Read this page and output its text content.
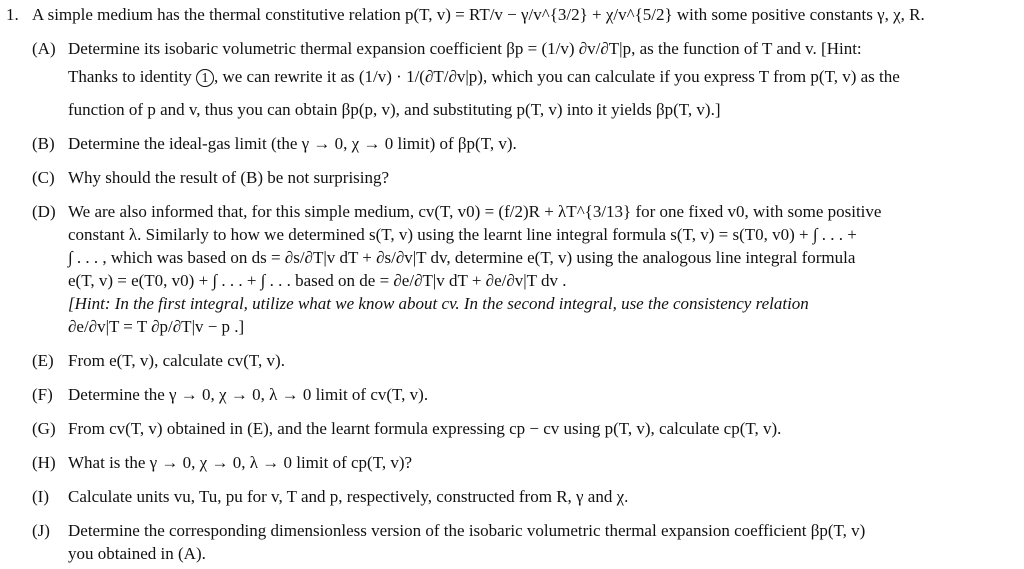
1. A simple medium has the thermal constitutive relation p(T, v) = RT/v − γ/v^{3/2} + χ/v^{5/2} with some positive constants γ, χ, R.
(A) Determine its isobaric volumetric thermal expansion coefficient βp = (1/v) ∂v/∂T|p, as the function of T and v. [Hint:
Thanks to identity 1 , we can rewrite it as (1/v) · 1/(∂T/∂v|p), which you can calculate if you express T from p(T, v) as the
function of p and v, thus you can obtain βp(p, v), and substituting p(T, v) into it yields βp(T, v).]
(B) Determine the ideal-gas limit (the γ → 0, χ → 0 limit) of βp(T, v).
(C) Why should the result of (B) be not surprising?
(D) We are also informed that, for this simple medium, cv(T, v0) = (f/2)R + λT^{3/13} for one fixed v0, with some positive
constant λ. Similarly to how we determined s(T, v) using the learnt line integral formula s(T, v) = s(T0, v0) + ∫ . . . +
∫ . . . , which was based on ds = ∂s/∂T|v dT + ∂s/∂v|T dv, determine e(T, v) using the analogous line integral formula
e(T, v) = e(T0, v0) + ∫ . . . + ∫ . . . based on de = ∂e/∂T|v dT + ∂e/∂v|T dv .
[Hint: In the first integral, utilize what we know about cv. In the second integral, use the consistency relation
∂e/∂v|T = T ∂p/∂T|v − p .]
(E) From e(T, v), calculate cv(T, v).
(F) Determine the γ → 0, χ → 0, λ → 0 limit of cv(T, v).
(G) From cv(T, v) obtained in (E), and the learnt formula expressing cp − cv using p(T, v), calculate cp(T, v).
(H) What is the γ → 0, χ → 0, λ → 0 limit of cp(T, v)?
(I) Calculate units vu, Tu, pu for v, T and p, respectively, constructed from R, γ and χ.
(J) Determine the corresponding dimensionless version of the isobaric volumetric thermal expansion coefficient βp(T, v)
you obtained in (A).
